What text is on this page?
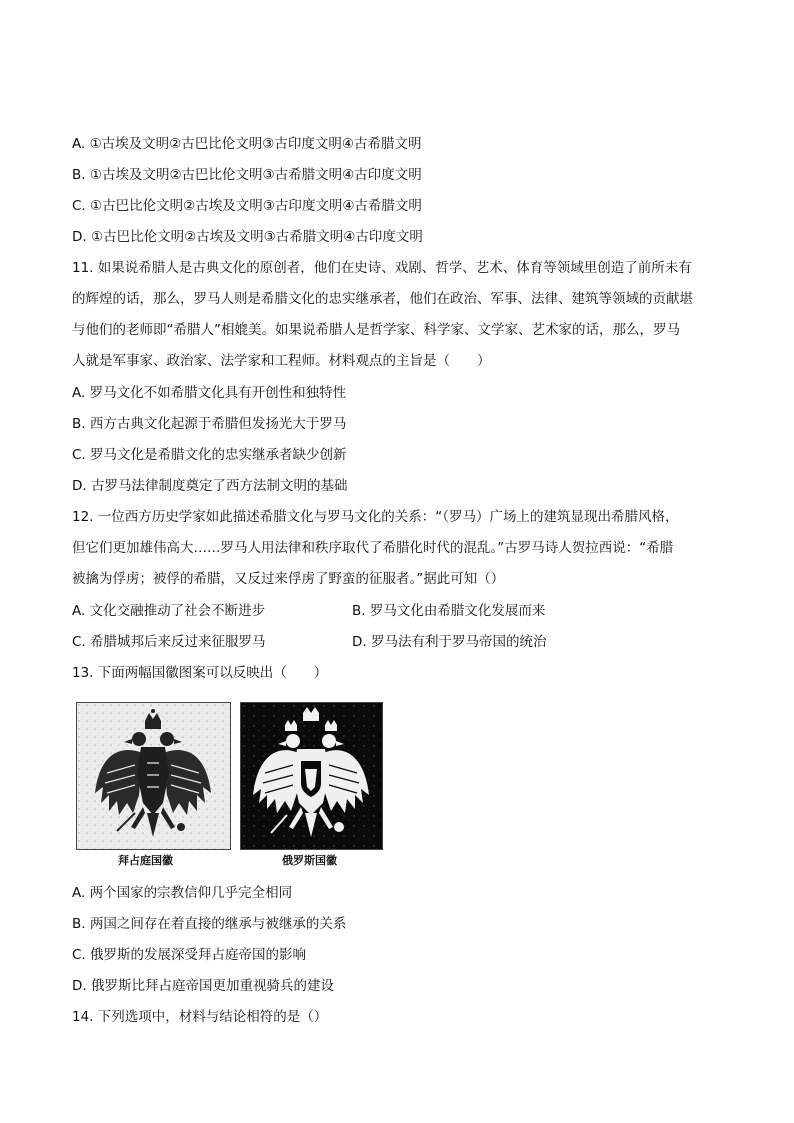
A. ①古埃及文明②古巴比伦文明③古印度文明④古希腊文明
B. ①古埃及文明②古巴比伦文明③古希腊文明④古印度文明
C. ①古巴比伦文明②古埃及文明③古印度文明④古希腊文明
D. ①古巴比伦文明②古埃及文明③古希腊文明④古印度文明
11. 如果说希腊人是古典文化的原创者，他们在史诗、戏剧、哲学、艺术、体育等领域里创造了前所未有
的辉煌的话，那么，罗马人则是希腊文化的忠实继承者，他们在政治、军事、法律、建筑等领域的贡献堪
与他们的老师即“希腊人”相媲美。如果说希腊人是哲学家、科学家、文学家、艺术家的话，那么，罗马
人就是军事家、政治家、法学家和工程师。材料观点的主旨是（　　）
A. 罗马文化不如希腊文化具有开创性和独特性
B. 西方古典文化起源于希腊但发扬光大于罗马
C. 罗马文化是希腊文化的忠实继承者缺少创新
D. 古罗马法律制度奠定了西方法制文明的基础
12. 一位西方历史学家如此描述希腊文化与罗马文化的关系：“（罗马）广场上的建筑显现出希腊风格，
但它们更加雄伟高大……罗马人用法律和秩序取代了希腊化时代的混乱。”古罗马诗人贺拉西说：“希腊
被擒为俘虏；被俘的希腊，又反过来俘虏了野蛮的征服者。”据此可知（）
A. 文化交融推动了社会不断进步	B. 罗马文化由希腊文化发展而来
C. 希腊城邦后来反过来征服罗马	D. 罗马法有利于罗马帝国的统治
13. 下面两幅国徽图案可以反映出（　　）
拜占庭国徽	俄罗斯国徽
A. 两个国家的宗教信仰几乎完全相同
B. 两国之间存在着直接的继承与被继承的关系
C. 俄罗斯的发展深受拜占庭帝国的影响
D. 俄罗斯比拜占庭帝国更加重视骑兵的建设
14. 下列选项中，材料与结论相符的是（）
